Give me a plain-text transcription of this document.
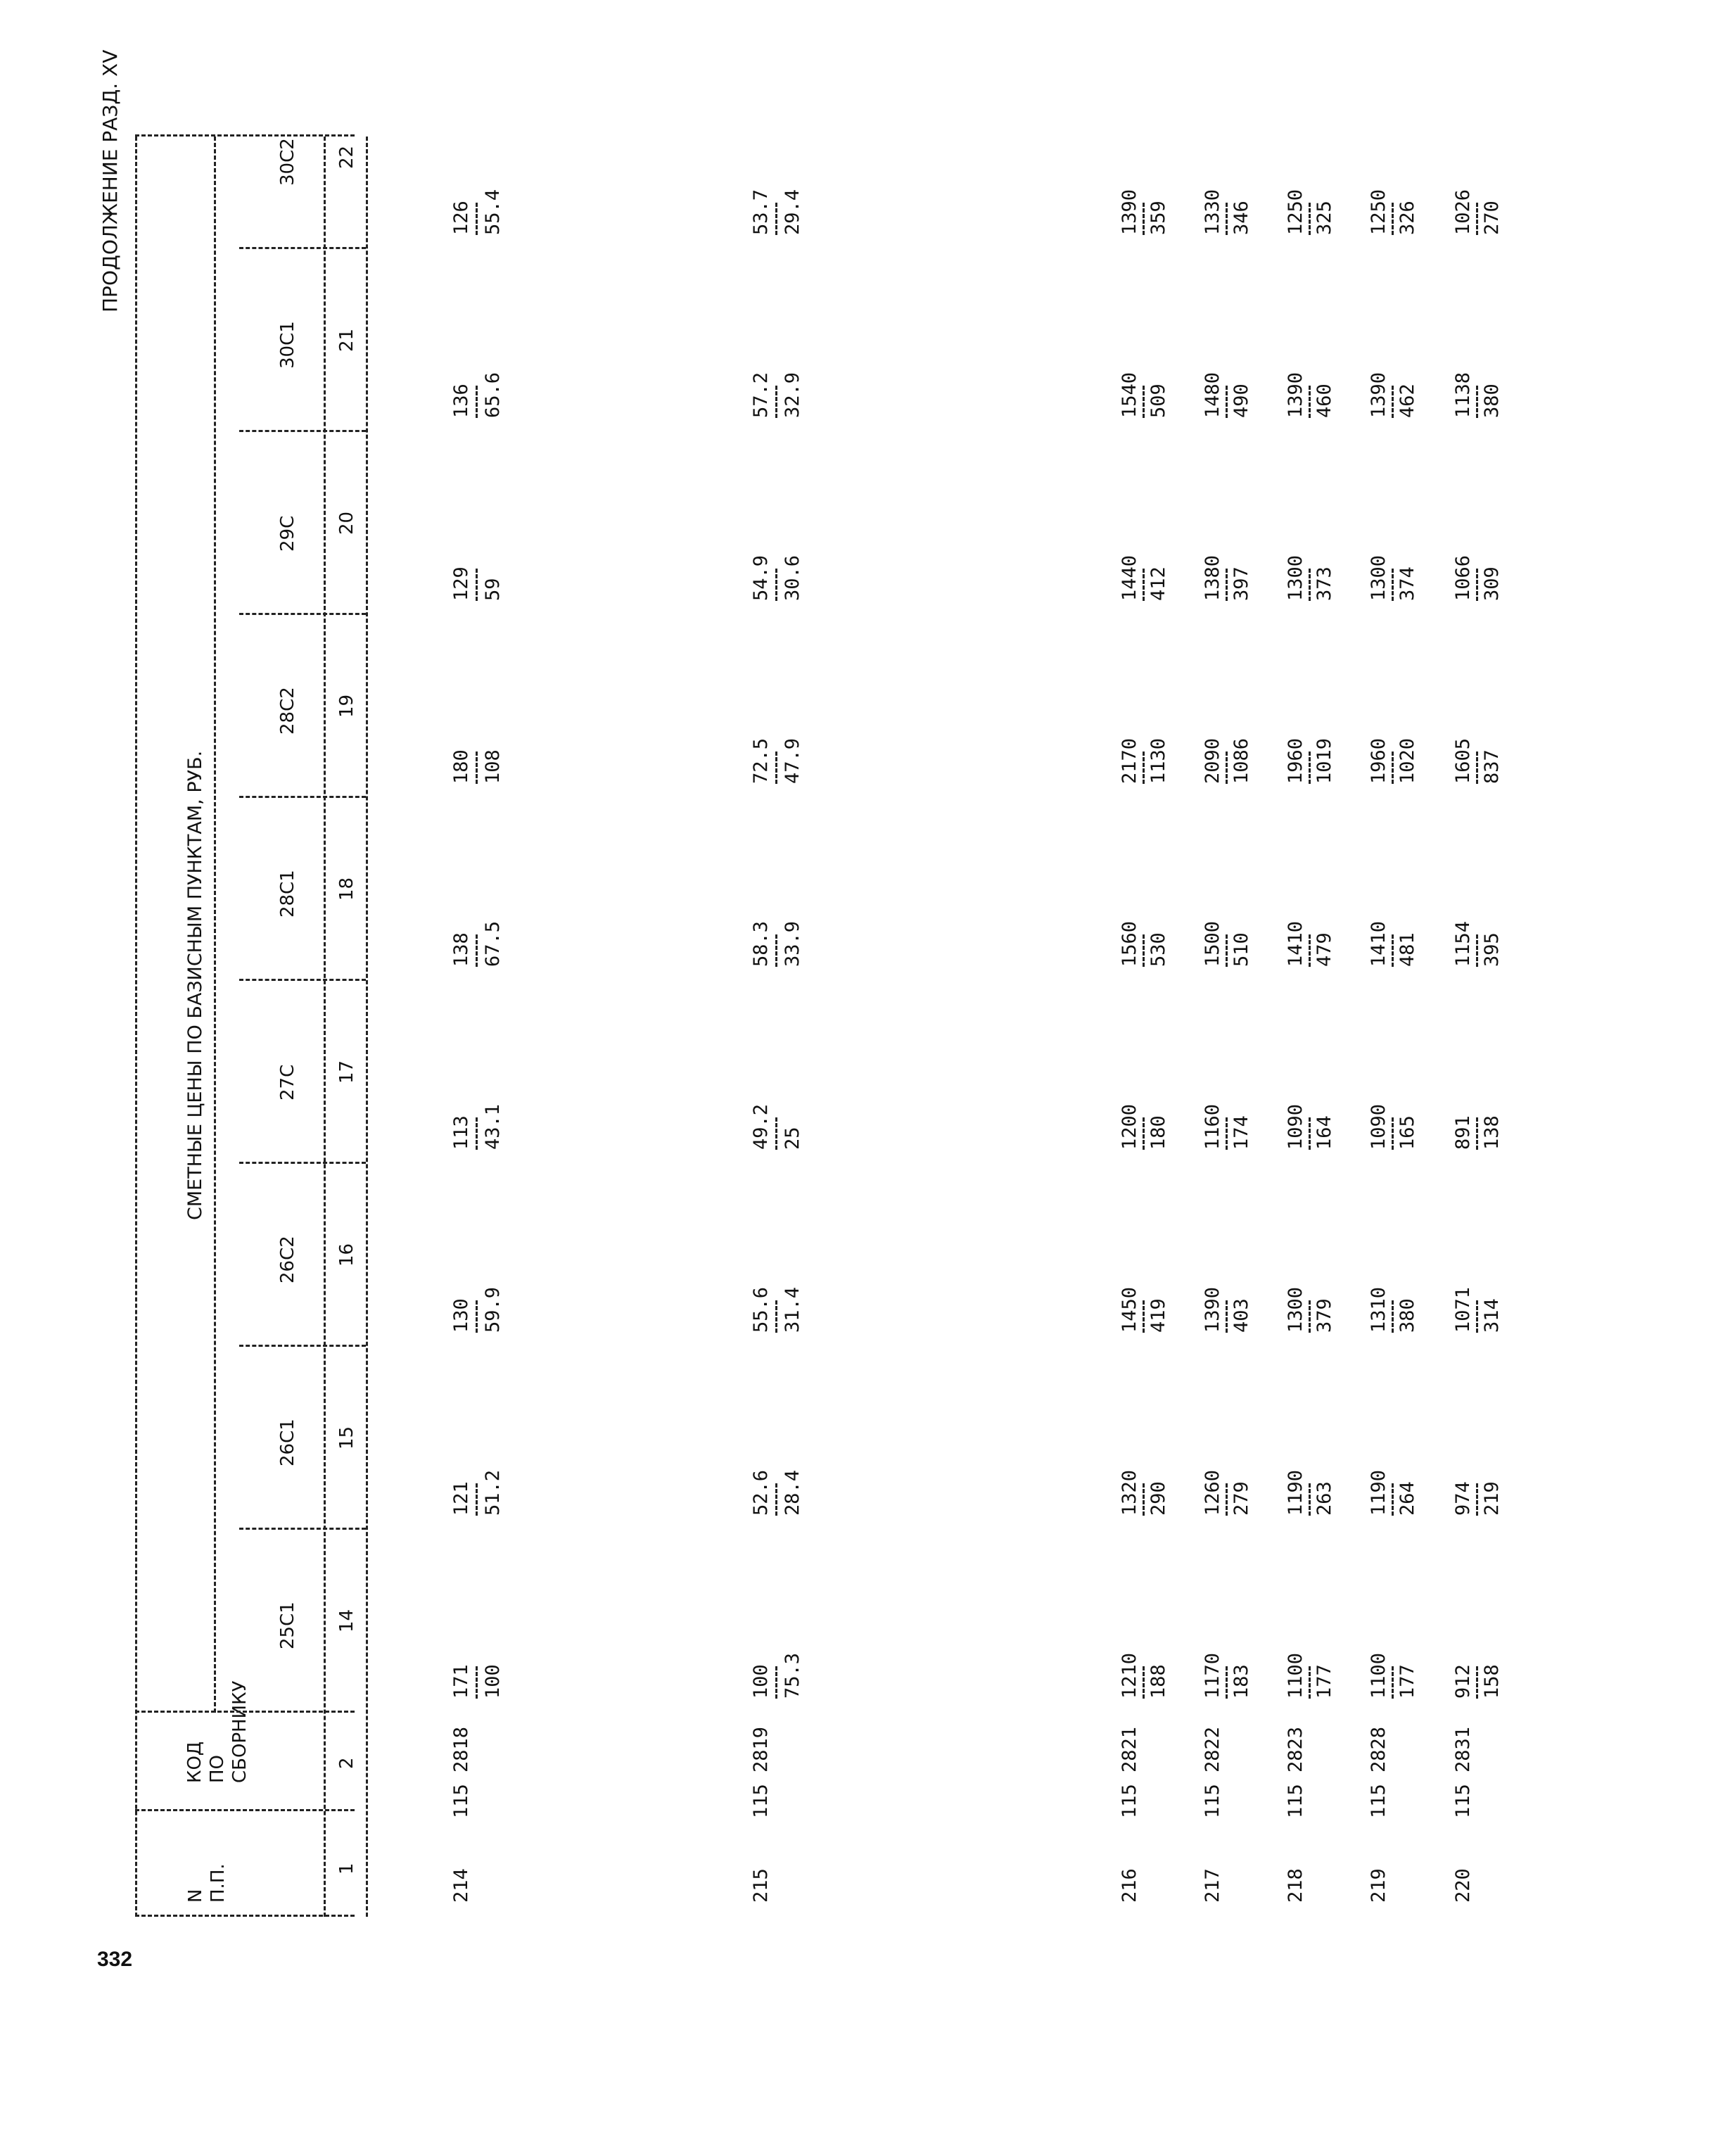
332
ПРОДОЛЖЕНИЕ РАЗД. XV
СМЕТНЫЕ ЦЕНЫ ПО БАЗИСНЫМ ПУНКТАМ, РУБ.
N П.П.
КОД ПО СБОРНИКУ
1
2
25С1 14
26С1 15
26С2 16
27С 17
28С1 18
28С2 19
29С 20
30С1 21
30С2 22
214
115 2818
171 100
121 51.2
130 59.9
113 43.1
138 67.5
180 108
129 59
136 65.6
126 55.4
215
115 2819
100 75.3
52.6 28.4
55.6 31.4
49.2 25
58.3 33.9
72.5 47.9
54.9 30.6
57.2 32.9
53.7 29.4
216
115 2821
1210 188
1320 290
1450 419
1200 180
1560 530
2170 1130
1440 412
1540 509
1390 359
217
115 2822
1170 183
1260 279
1390 403
1160 174
1500 510
2090 1086
1380 397
1480 490
1330 346
218
115 2823
1100 177
1190 263
1300 379
1090 164
1410 479
1960 1019
1300 373
1390 460
1250 325
219
115 2828
1100 177
1190 264
1310 380
1090 165
1410 481
1960 1020
1300 374
1390 462
1250 326
220
115 2831
912 158
974 219
1071 314
891 138
1154 395
1605 837
1066 309
1138 380
1026 270
